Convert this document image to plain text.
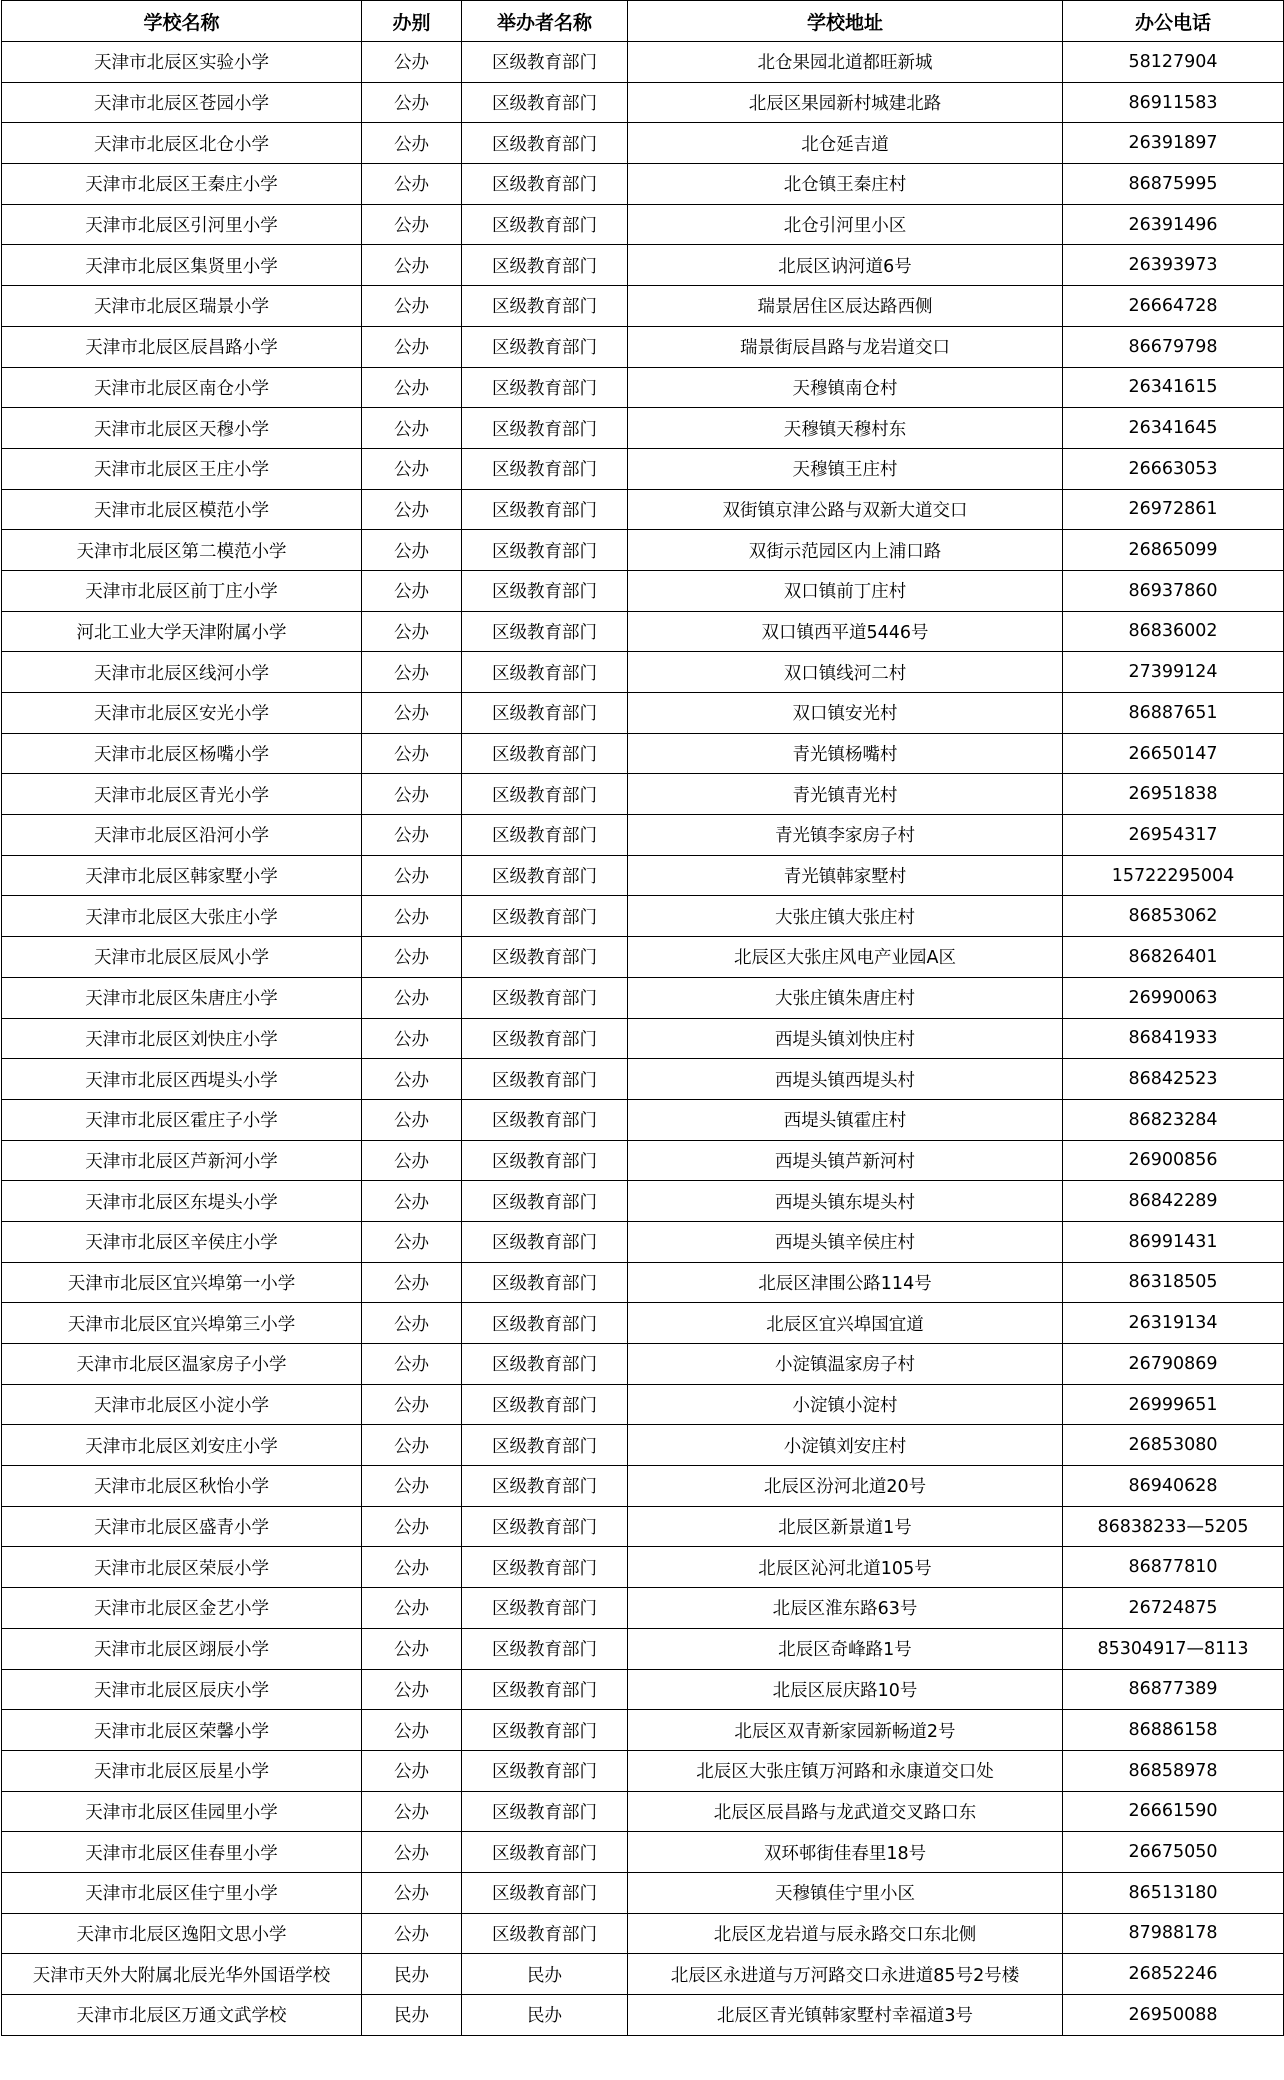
学校名称	办别	举办者名称	学校地址	办公电话
天津市北辰区实验小学	公办	区级教育部门	北仓果园北道都旺新城	58127904
天津市北辰区苍园小学	公办	区级教育部门	北辰区果园新村城建北路	86911583
天津市北辰区北仓小学	公办	区级教育部门	北仓延吉道	26391897
天津市北辰区王秦庄小学	公办	区级教育部门	北仓镇王秦庄村	86875995
天津市北辰区引河里小学	公办	区级教育部门	北仓引河里小区	26391496
天津市北辰区集贤里小学	公办	区级教育部门	北辰区讷河道6号	26393973
天津市北辰区瑞景小学	公办	区级教育部门	瑞景居住区辰达路西侧	26664728
天津市北辰区辰昌路小学	公办	区级教育部门	瑞景街辰昌路与龙岩道交口	86679798
天津市北辰区南仓小学	公办	区级教育部门	天穆镇南仓村	26341615
天津市北辰区天穆小学	公办	区级教育部门	天穆镇天穆村东	26341645
天津市北辰区王庄小学	公办	区级教育部门	天穆镇王庄村	26663053
天津市北辰区模范小学	公办	区级教育部门	双街镇京津公路与双新大道交口	26972861
天津市北辰区第二模范小学	公办	区级教育部门	双街示范园区内上浦口路	26865099
天津市北辰区前丁庄小学	公办	区级教育部门	双口镇前丁庄村	86937860
河北工业大学天津附属小学	公办	区级教育部门	双口镇西平道5446号	86836002
天津市北辰区线河小学	公办	区级教育部门	双口镇线河二村	27399124
天津市北辰区安光小学	公办	区级教育部门	双口镇安光村	86887651
天津市北辰区杨嘴小学	公办	区级教育部门	青光镇杨嘴村	26650147
天津市北辰区青光小学	公办	区级教育部门	青光镇青光村	26951838
天津市北辰区沿河小学	公办	区级教育部门	青光镇李家房子村	26954317
天津市北辰区韩家墅小学	公办	区级教育部门	青光镇韩家墅村	15722295004
天津市北辰区大张庄小学	公办	区级教育部门	大张庄镇大张庄村	86853062
天津市北辰区辰风小学	公办	区级教育部门	北辰区大张庄风电产业园A区	86826401
天津市北辰区朱唐庄小学	公办	区级教育部门	大张庄镇朱唐庄村	26990063
天津市北辰区刘快庄小学	公办	区级教育部门	西堤头镇刘快庄村	86841933
天津市北辰区西堤头小学	公办	区级教育部门	西堤头镇西堤头村	86842523
天津市北辰区霍庄子小学	公办	区级教育部门	西堤头镇霍庄村	86823284
天津市北辰区芦新河小学	公办	区级教育部门	西堤头镇芦新河村	26900856
天津市北辰区东堤头小学	公办	区级教育部门	西堤头镇东堤头村	86842289
天津市北辰区辛侯庄小学	公办	区级教育部门	西堤头镇辛侯庄村	86991431
天津市北辰区宜兴埠第一小学	公办	区级教育部门	北辰区津围公路114号	86318505
天津市北辰区宜兴埠第三小学	公办	区级教育部门	北辰区宜兴埠国宜道	26319134
天津市北辰区温家房子小学	公办	区级教育部门	小淀镇温家房子村	26790869
天津市北辰区小淀小学	公办	区级教育部门	小淀镇小淀村	26999651
天津市北辰区刘安庄小学	公办	区级教育部门	小淀镇刘安庄村	26853080
天津市北辰区秋怡小学	公办	区级教育部门	北辰区汾河北道20号	86940628
天津市北辰区盛青小学	公办	区级教育部门	北辰区新景道1号	86838233—5205
天津市北辰区荣辰小学	公办	区级教育部门	北辰区沁河北道105号	86877810
天津市北辰区金艺小学	公办	区级教育部门	北辰区淮东路63号	26724875
天津市北辰区翊辰小学	公办	区级教育部门	北辰区奇峰路1号	85304917—8113
天津市北辰区辰庆小学	公办	区级教育部门	北辰区辰庆路10号	86877389
天津市北辰区荣馨小学	公办	区级教育部门	北辰区双青新家园新畅道2号	86886158
天津市北辰区辰星小学	公办	区级教育部门	北辰区大张庄镇万河路和永康道交口处	86858978
天津市北辰区佳园里小学	公办	区级教育部门	北辰区辰昌路与龙武道交叉路口东	26661590
天津市北辰区佳春里小学	公办	区级教育部门	双环邨街佳春里18号	26675050
天津市北辰区佳宁里小学	公办	区级教育部门	天穆镇佳宁里小区	86513180
天津市北辰区逸阳文思小学	公办	区级教育部门	北辰区龙岩道与辰永路交口东北侧	87988178
天津市天外大附属北辰光华外国语学校	民办	民办	北辰区永进道与万河路交口永进道85号2号楼	26852246
天津市北辰区万通文武学校	民办	民办	北辰区青光镇韩家墅村幸福道3号	26950088
